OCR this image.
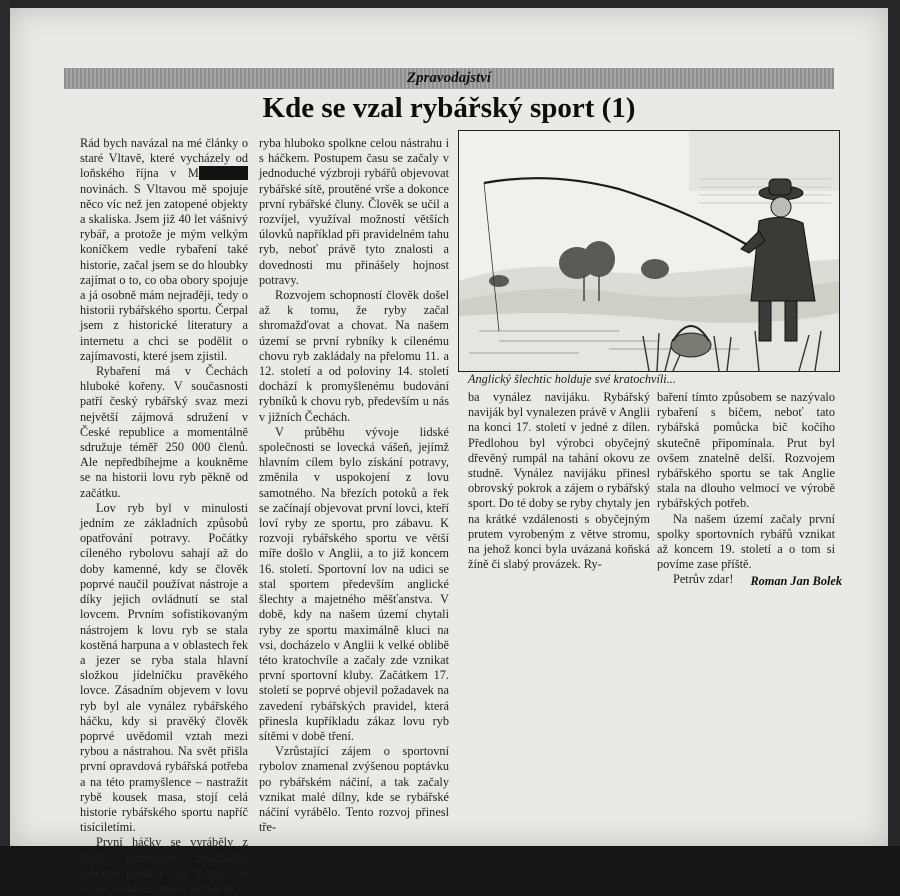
Zpravodajství
Kde se vzal rybářský sport (1)

Rád bych navázal na mé články o staré Vltavě, které vycházely od loňského října v Mxxxxxxxx novinách. S Vltavou mě spojuje něco víc než jen zatopené objekty a skaliska. Jsem již 40 let vášnivý rybář, a protože je mým velkým koníčkem vedle rybaření také historie, začal jsem se do hloubky zajímat o to, co oba obory spojuje a já osobně mám nejraději, tedy o historii rybářského sportu. Čerpal jsem z historické literatury a internetu a chci se podělit o zajímavosti, které jsem zjistil.

Rybaření má v Čechách hluboké kořeny. V současnosti patří český rybářský svaz mezi největší zájmová sdružení v České republice a momentálně sdružuje téměř 250 000 členů. Ale nepředbíhejme a koukněme se na historii lovu ryb pěkně od začátku.

Lov ryb byl v minulosti jedním ze základních způsobů opatřování potravy. Počátky cíleného rybolovu sahají až do doby kamenné, kdy se člověk poprvé naučil používat nástroje a díky jejich ovládnutí se stal lovcem. Prvním sofistikovaným nástrojem k lovu ryb se stala kostěná harpuna a v oblastech řek a jezer se ryba stala hlavní složkou jídelníčku pravěkého lovce. Zásadním objevem v lovu ryb byl ale vynález rybářského háčku, kdy si pravěký člověk poprvé uvědomil vztah mezi rybou a nástrahou. Na svět přišla první opravdová rybářská potřeba a na této pramyšlence – nastražit rybě kousek masa, stojí celá historie rybářského sportu napříč tisíciletími.

První háčky se vyráběly z kostí ulovených živočichů, mnohdy právě z ryb, a byly tak velké, že lovec musel počkat až

ryba hluboko spolkne celou nástrahu i s háčkem. Postupem času se začaly v jednoduché výzbroji rybářů objevovat rybářské sítě, proutěné vrše a dokonce první rybářské čluny. Člověk se učil a rozvíjel, využíval možností větších úlovků například při pravidelném tahu ryb, neboť právě tyto znalosti a dovednosti mu přinášely hojnost potravy.

Rozvojem schopností člověk došel až k tomu, že ryby začal shromažďovat a chovat. Na našem území se první rybníky k cílenému chovu ryb zakládaly na přelomu 11. a 12. století a od poloviny 14. století dochází k promyšlenému budování rybníků k chovu ryb, především u nás v jižních Čechách.

V průběhu vývoje lidské společnosti se lovecká vášeň, jejímž hlavním cílem bylo získání potravy, změnila v uspokojení z lovu samotného. Na březích potoků a řek se začínají objevovat první lovci, kteří loví ryby ze sportu, pro zábavu. K rozvoji rybářského sportu ve větší míře došlo v Anglii, a to již koncem 16. století. Sportovní lov na udici se stal sportem především anglické šlechty a majetného měšťanstva. V době, kdy na našem území chytali ryby ze sportu maximálně kluci na vsi, docházelo v Anglii k velké oblibě této kratochvíle a začaly zde vznikat první sportovní kluby. Začátkem 17. století se poprvé objevil požadavek na zavedení rybářských pravidel, která přinesla kupříkladu zákaz lovu ryb sítěmi v době tření.

Vzrůstající zájem o sportovní rybolov znamenal zvýšenou poptávku po rybářském náčiní, a tak začaly vznikat malé dílny, kde se rybářské náčiní vyrábělo. Tento rozvoj přinesl tře-

Anglický šlechtic holduje své kratochvíli...

ba vynález navijáku. Rybářský naviják byl vynalezen právě v Anglii na konci 17. století v jedné z dílen. Předlohou byl výrobci obyčejný dřevěný rumpál na tahání okovu ze studně. Vynález navijáku přinesl obrovský pokrok a zájem o rybářský sport. Do té doby se ryby chytaly jen na krátké vzdálenosti s obyčejným prutem vyrobeným z větve stromu, na jehož konci byla uvázaná koňská žíně či slabý provázek. Ry-

baření tímto způsobem se nazývalo rybaření s bičem, neboť tato rybářská pomůcka bič kočího skutečně připomínala. Prut byl ovšem znatelně delší. Rozvojem rybářského sportu se tak Anglie stala na dlouho velmocí ve výrobě rybářských potřeb.

Na našem území začaly první spolky sportovních rybářů vznikat až koncem 19. století a o tom si povíme zase příště.

Petrův zdar!	Roman Jan Bolek
